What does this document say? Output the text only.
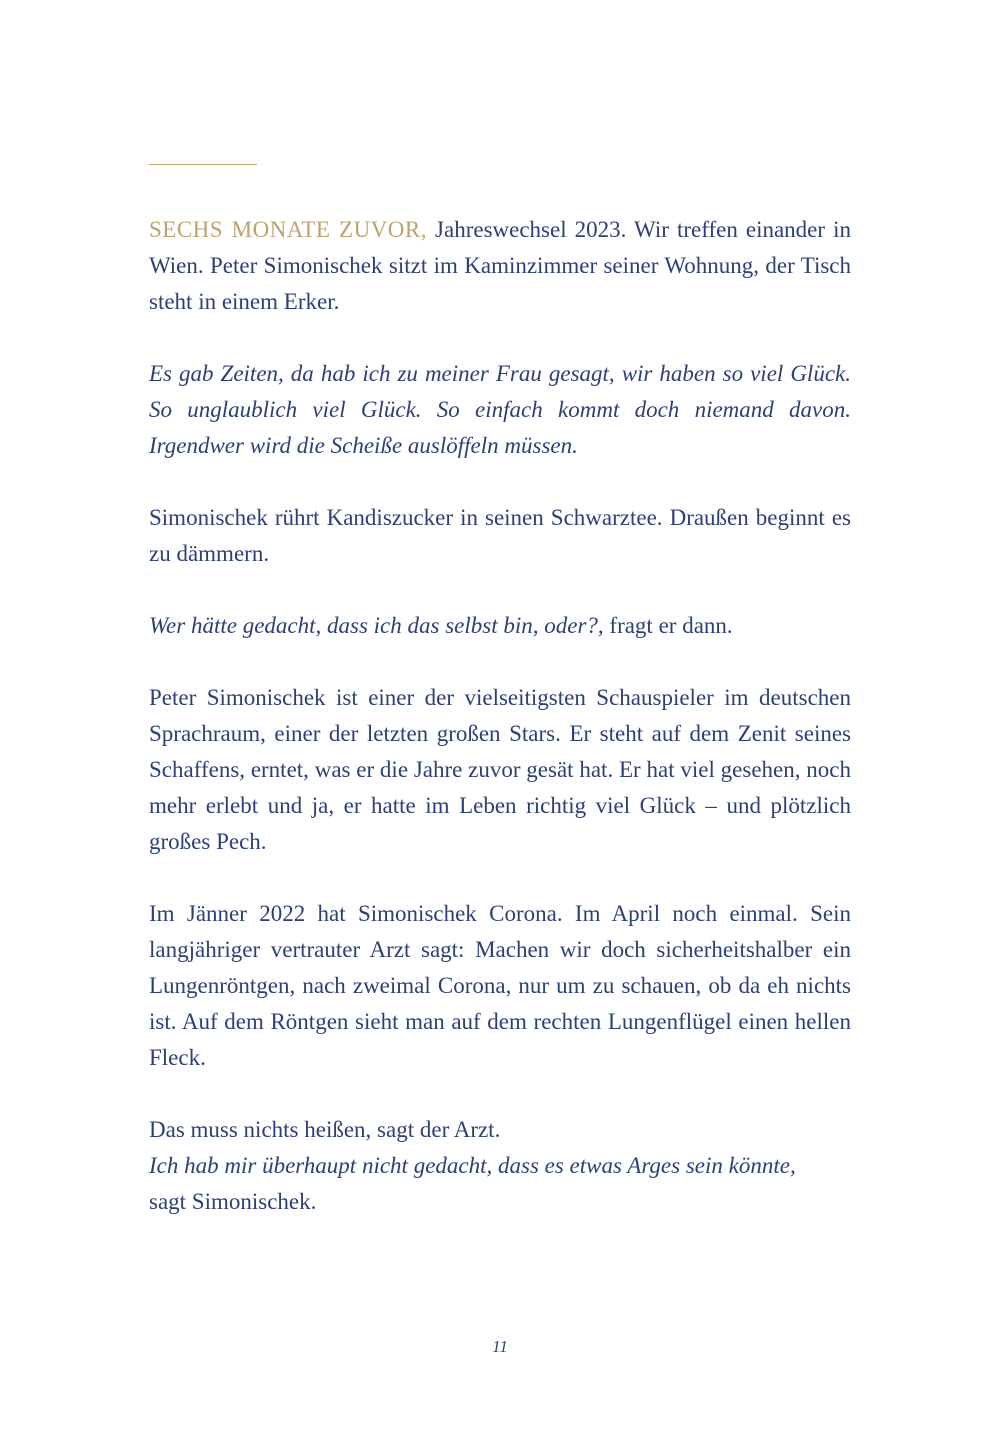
SECHS MONATE ZUVOR, Jahreswechsel 2023. Wir treffen einander in Wien. Peter Simonischek sitzt im Kaminzimmer seiner Wohnung, der Tisch steht in einem Erker.

Es gab Zeiten, da hab ich zu meiner Frau gesagt, wir haben so viel Glück. So unglaublich viel Glück. So einfach kommt doch niemand davon. Irgendwer wird die Scheiße auslöffeln müssen.

Simonischek rührt Kandiszucker in seinen Schwarztee. Draußen beginnt es zu dämmern.

Wer hätte gedacht, dass ich das selbst bin, oder?, fragt er dann.

Peter Simonischek ist einer der vielseitigsten Schauspieler im deutschen Sprachraum, einer der letzten großen Stars. Er steht auf dem Zenit seines Schaffens, erntet, was er die Jahre zuvor gesät hat. Er hat viel gesehen, noch mehr erlebt und ja, er hatte im Leben richtig viel Glück – und plötzlich großes Pech.

Im Jänner 2022 hat Simonischek Corona. Im April noch einmal. Sein langjähriger vertrauter Arzt sagt: Machen wir doch sicherheitshalber ein Lungenröntgen, nach zweimal Corona, nur um zu schauen, ob da eh nichts ist. Auf dem Röntgen sieht man auf dem rechten Lungenflügel einen hellen Fleck.

Das muss nichts heißen, sagt der Arzt.
Ich hab mir überhaupt nicht gedacht, dass es etwas Arges sein könnte,
sagt Simonischek.

11
